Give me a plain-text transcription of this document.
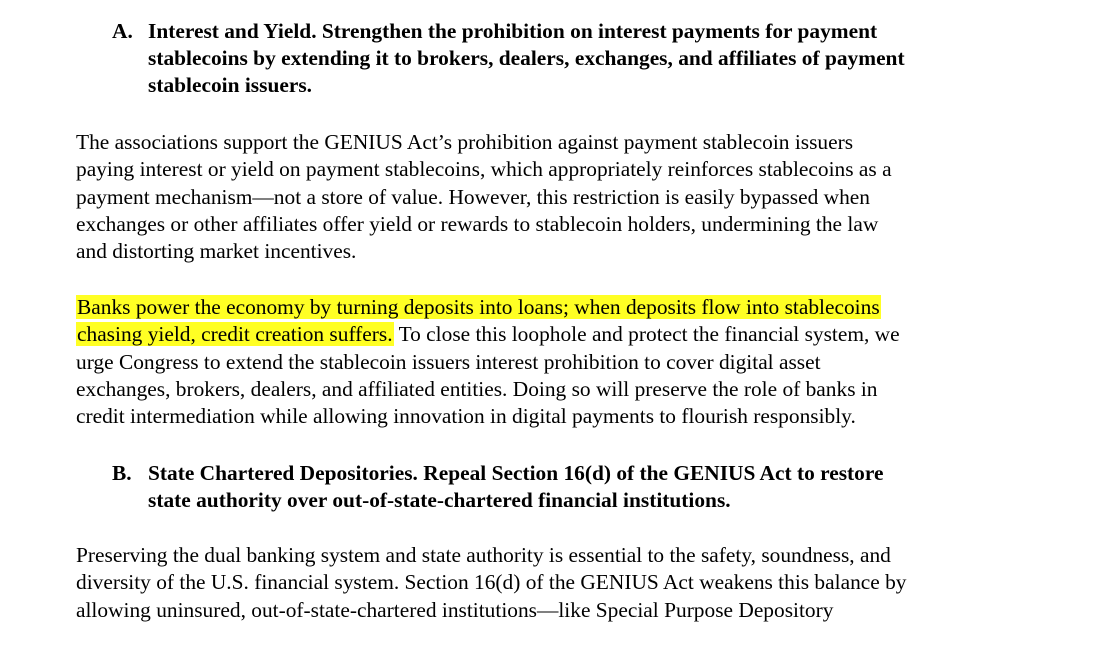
A. Interest and Yield. Strengthen the prohibition on interest payments for payment
stablecoins by extending it to brokers, dealers, exchanges, and affiliates of payment
stablecoin issuers.
The associations support the GENIUS Act’s prohibition against payment stablecoin issuers
paying interest or yield on payment stablecoins, which appropriately reinforces stablecoins as a
payment mechanism—not a store of value. However, this restriction is easily bypassed when
exchanges or other affiliates offer yield or rewards to stablecoin holders, undermining the law
and distorting market incentives.
Banks power the economy by turning deposits into loans; when deposits flow into stablecoins
chasing yield, credit creation suffers. To close this loophole and protect the financial system, we
urge Congress to extend the stablecoin issuers interest prohibition to cover digital asset
exchanges, brokers, dealers, and affiliated entities. Doing so will preserve the role of banks in
credit intermediation while allowing innovation in digital payments to flourish responsibly.
B. State Chartered Depositories. Repeal Section 16(d) of the GENIUS Act to restore
state authority over out-of-state-chartered financial institutions.
Preserving the dual banking system and state authority is essential to the safety, soundness, and
diversity of the U.S. financial system. Section 16(d) of the GENIUS Act weakens this balance by
allowing uninsured, out-of-state-chartered institutions—like Special Purpose Depository
